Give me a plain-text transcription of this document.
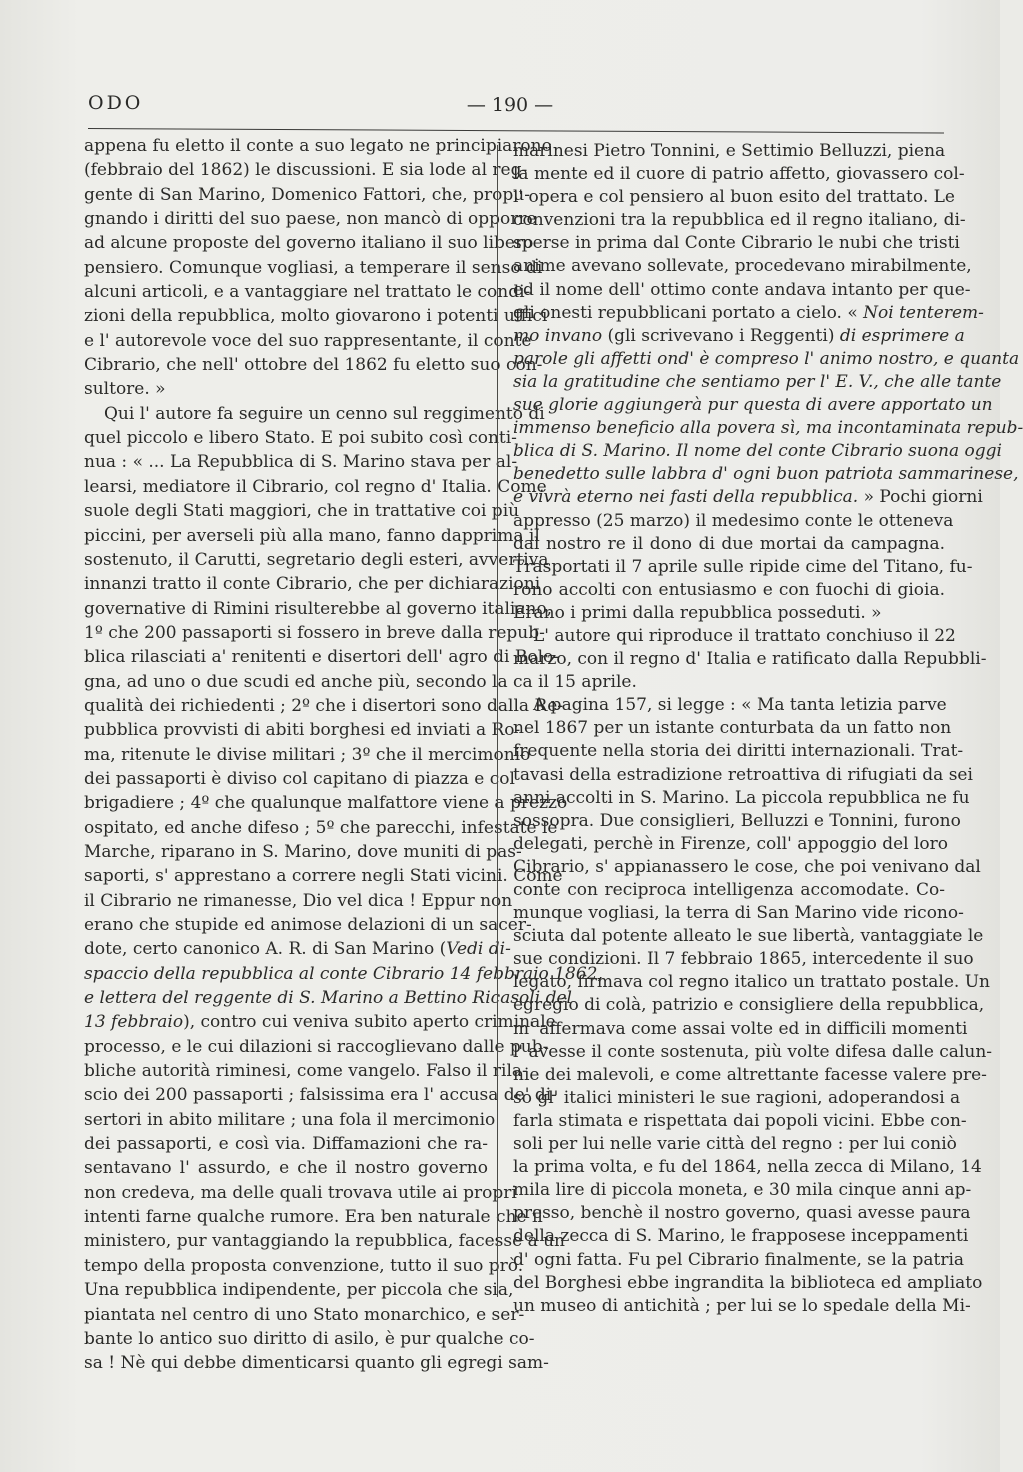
ODO	— 190 —
appena fu eletto il conte a suo legato ne principiarono
(febbraio del 1862) le discussioni. E sia lode al reg-
gente di San Marino, Domenico Fattori, che, propu-
gnando i diritti del suo paese, non mancò di opporre
ad alcune proposte del governo italiano il suo libero
pensiero. Comunque vogliasi, a temperare il senso di
alcuni articoli, e a vantaggiare nel trattato le condi-
zioni della repubblica, molto giovarono i potenti uffici
e l' autorevole voce del suo rappresentante, il conte
Cibrario, che nell' ottobre del 1862 fu eletto suo con-
sultore. »
Qui l' autore fa seguire un cenno sul reggimento di
quel piccolo e libero Stato. E poi subito così conti-
nua : « ... La Repubblica di S. Marino stava per al-
learsi, mediatore il Cibrario, col regno d' Italia. Come
suole degli Stati maggiori, che in trattative coi più
piccini, per averseli più alla mano, fanno dapprima il
sostenuto, il Carutti, segretario degli esteri, avvertiva
innanzi tratto il conte Cibrario, che per dichiarazioni
governative di Rimini risulterebbe al governo italiano,
1º che 200 passaporti si fossero in breve dalla repub-
blica rilasciati a' renitenti e disertori dell' agro di Bolo-
gna, ad uno o due scudi ed anche più, secondo la
qualità dei richiedenti ; 2º che i disertori sono dalla Re-
pubblica provvisti di abiti borghesi ed inviati a Ro-
ma, ritenute le divise militari ; 3º che il mercimonio
dei passaporti è diviso col capitano di piazza e col
brigadiere ; 4º che qualunque malfattore viene a prezzo
ospitato, ed anche difeso ; 5º che parecchi, infestate le
Marche, riparano in S. Marino, dove muniti di pas-
saporti, s' apprestano a correre negli Stati vicini. Come
il Cibrario ne rimanesse, Dio vel dica ! Eppur non
erano che stupide ed animose delazioni di un sacer-
dote, certo canonico A. R. di San Marino (Vedi di-
spaccio della repubblica al conte Cibrario 14 febbraio 1862,
e lettera del reggente di S. Marino a Bettino Ricasoli del
13 febbraio), contro cui veniva subito aperto criminale
processo, e le cui dilazioni si raccoglievano dalle pub-
bliche autorità riminesi, come vangelo. Falso il rila-
scio dei 200 passaporti ; falsissima era l' accusa de' di-
sertori in abito militare ; una fola il mercimonio
dei passaporti, e così via. Diffamazioni che ra-
sentavano l' assurdo, e che il nostro governo
non credeva, ma delle quali trovava utile ai propri
intenti farne qualche rumore. Era ben naturale che il
ministero, pur vantaggiando la repubblica, facesse a un
tempo della proposta convenzione, tutto il suo prò.
Una repubblica indipendente, per piccola che sia,
piantata nel centro di uno Stato monarchico, e ser-
bante lo antico suo diritto di asilo, è pur qualche co-
sa ! Nè qui debbe dimenticarsi quanto gli egregi sam-
marinesi Pietro Tonnini, e Settimio Belluzzi, piena
la mente ed il cuore di patrio affetto, giovassero col-
l' opera e col pensiero al buon esito del trattato. Le
convenzioni tra la repubblica ed il regno italiano, di-
sperse in prima dal Conte Cibrario le nubi che tristi
anime avevano sollevate, procedevano mirabilmente,
ed il nome dell' ottimo conte andava intanto per que-
gli onesti repubblicani portato a cielo. « Noi tenterem-
mo invano (gli scrivevano i Reggenti) di esprimere a
parole gli affetti ond' è compreso l' animo nostro, e quanta
sia la gratitudine che sentiamo per l' E. V., che alle tante
sue glorie aggiungerà pur questa di avere apportato un
immenso beneficio alla povera sì, ma incontaminata repub-
blica di S. Marino. Il nome del conte Cibrario suona oggi
benedetto sulle labbra d' ogni buon patriota sammarinese,
e vivrà eterno nei fasti della repubblica. » Pochi giorni
appresso (25 marzo) il medesimo conte le otteneva
dal nostro re il dono di due mortai da campagna.
Trasportati il 7 aprile sulle ripide cime del Titano, fu-
rono accolti con entusiasmo e con fuochi di gioia.
Erano i primi dalla repubblica posseduti. »
L' autore qui riproduce il trattato conchiuso il 22
marzo, con il regno d' Italia e ratificato dalla Repubbli-
ca il 15 aprile.
A pagina 157, si legge : « Ma tanta letizia parve
nel 1867 per un istante conturbata da un fatto non
frequente nella storia dei diritti internazionali. Trat-
tavasi della estradizione retroattiva di rifugiati da sei
anni accolti in S. Marino. La piccola repubblica ne fu
sossopra. Due consiglieri, Belluzzi e Tonnini, furono
delegati, perchè in Firenze, coll' appoggio del loro
Cibrario, s' appianassero le cose, che poi venivano dal
conte con reciproca intelligenza accomodate. Co-
munque vogliasi, la terra di San Marino vide ricono-
sciuta dal potente alleato le sue libertà, vantaggiate le
sue condizioni. Il 7 febbraio 1865, intercedente il suo
legato, firmava col regno italico un trattato postale. Un
egregio di colà, patrizio e consigliere della repubblica,
m' affermava come assai volte ed in difficili momenti
l' avesse il conte sostenuta, più volte difesa dalle calun-
nie dei malevoli, e come altrettante facesse valere pre-
so gl' italici ministeri le sue ragioni, adoperandosi a
farla stimata e rispettata dai popoli vicini. Ebbe con-
soli per lui nelle varie città del regno : per lui coniò
la prima volta, e fu del 1864, nella zecca di Milano, 14
mila lire di piccola moneta, e 30 mila cinque anni ap-
presso, benchè il nostro governo, quasi avesse paura
della zecca di S. Marino, le frapposese inceppamenti
d' ogni fatta. Fu pel Cibrario finalmente, se la patria
del Borghesi ebbe ingrandita la biblioteca ed ampliato
un museo di antichità ; per lui se lo spedale della Mi-
